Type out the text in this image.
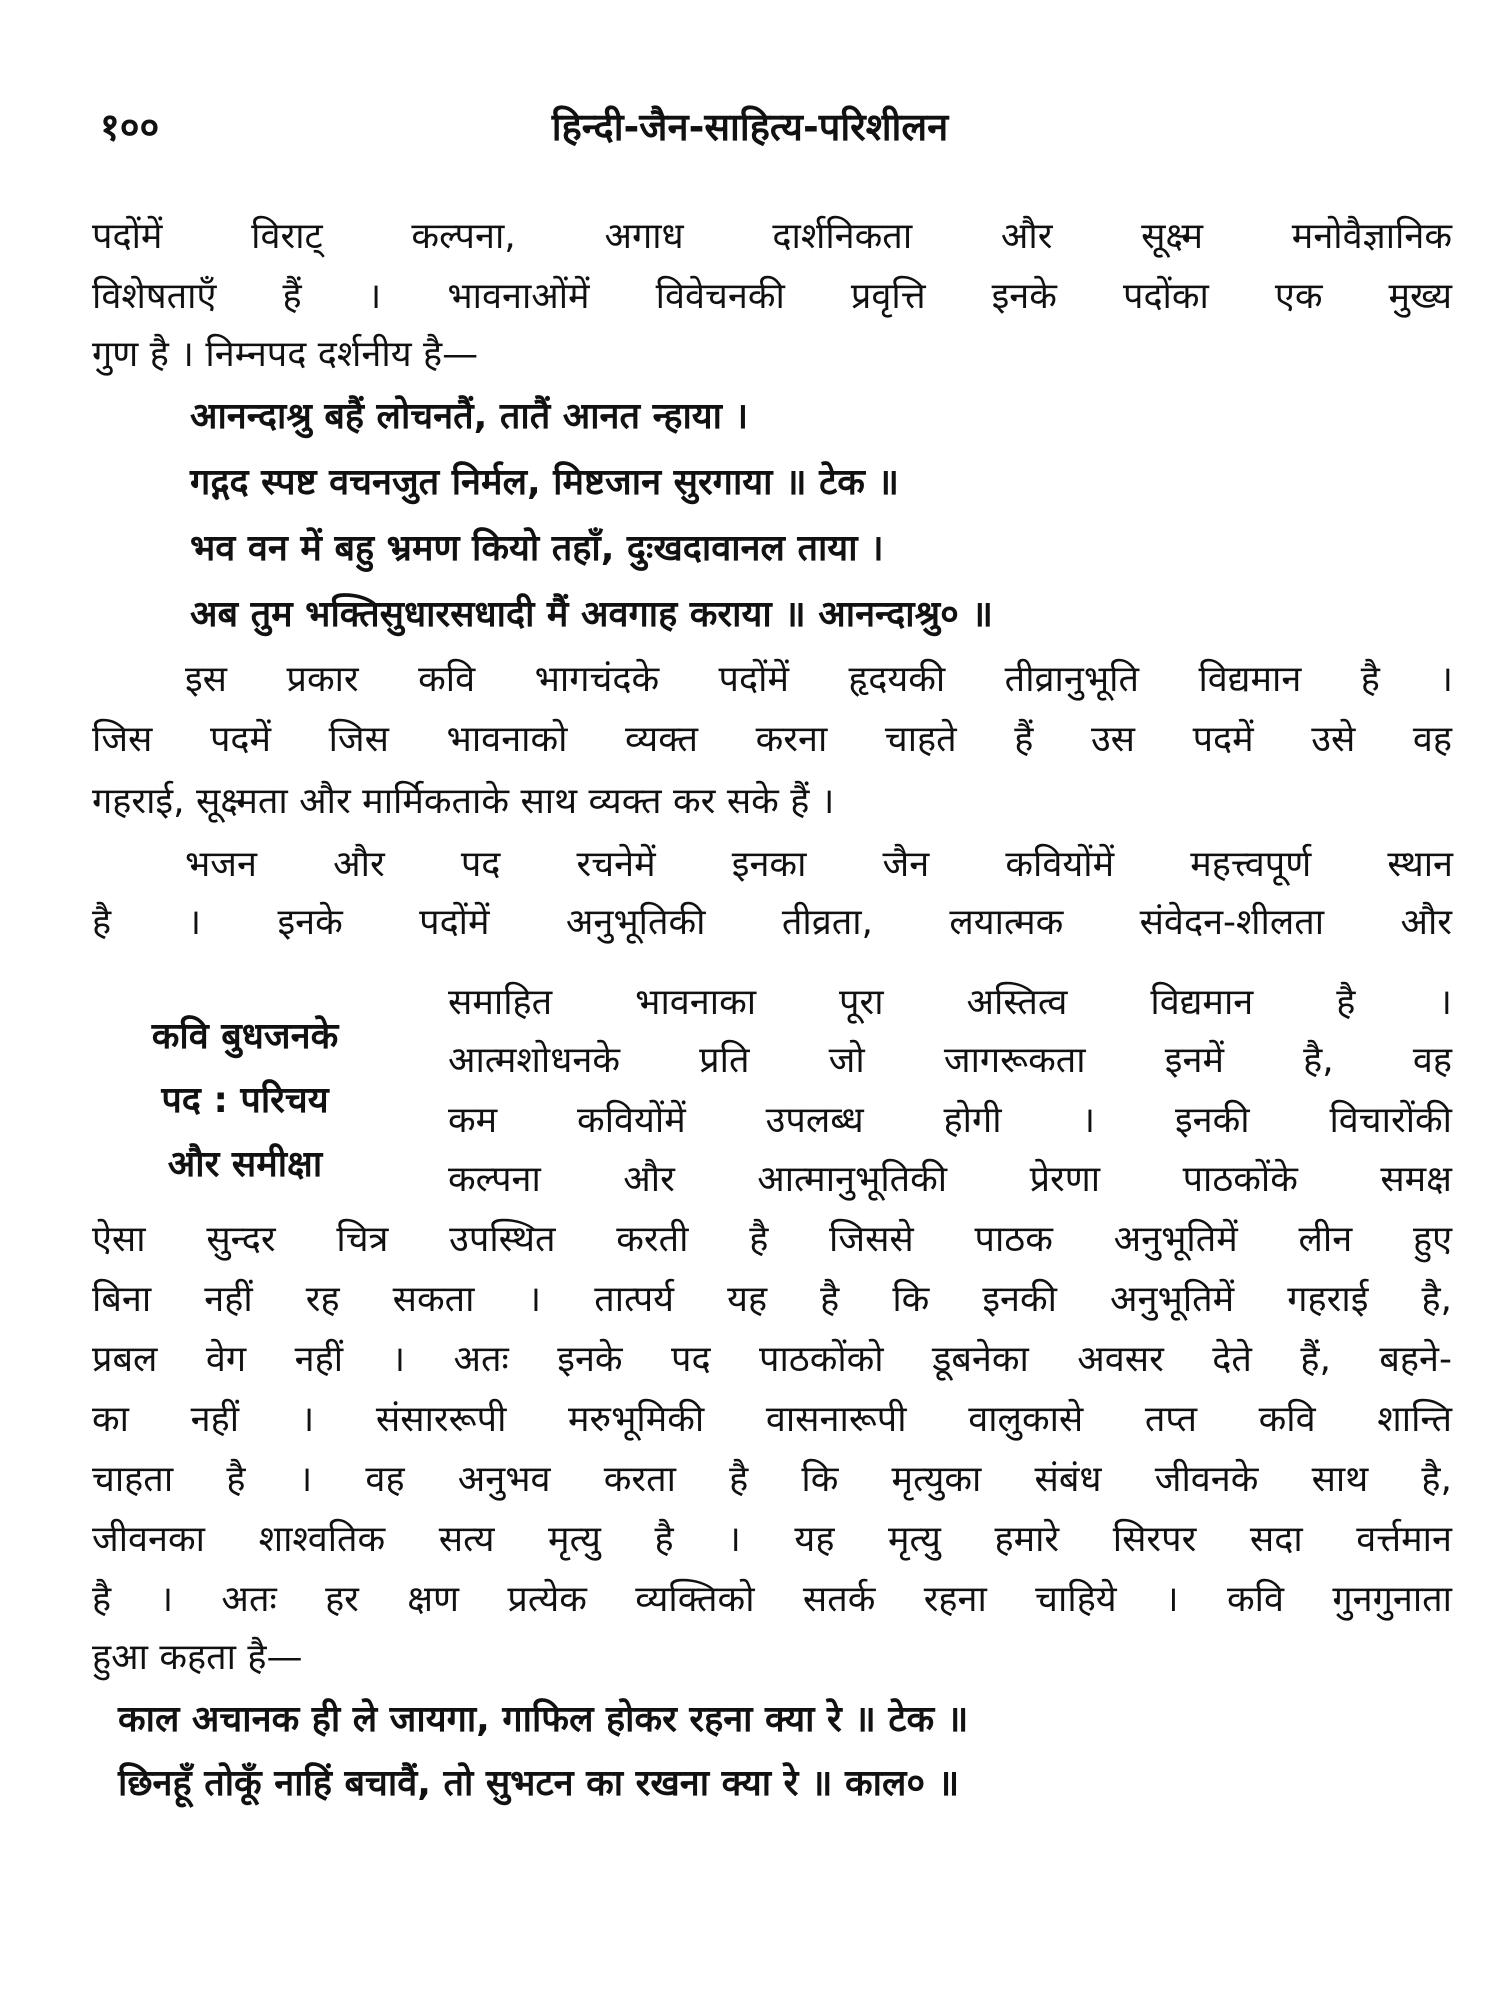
१००	हिन्दी-जैन-साहित्य-परिशीलन
पदोंमें विराट् कल्पना, अगाध दार्शनिकता और सूक्ष्म मनोवैज्ञानिक
विशेषताएँ हैं । भावनाओंमें विवेचनकी प्रवृत्ति इनके पदोंका एक मुख्य
गुण है । निम्नपद दर्शनीय है—
आनन्दाश्रु बहैं लोचनतैं, तातैं आनत न्हाया ।
गद्गद स्पष्ट वचनजुत निर्मल, मिष्टजान सुरगाया ॥ टेक ॥
भव वन में बहु भ्रमण कियो तहाँ, दुःखदावानल ताया ।
अब तुम भक्तिसुधारसधादी मैं अवगाह कराया ॥ आनन्दाश्रु० ॥
इस प्रकार कवि भागचंदके पदोंमें हृदयकी तीव्रानुभूति विद्यमान है ।
जिस पदमें जिस भावनाको व्यक्त करना चाहते हैं उस पदमें उसे वह
गहराई, सूक्ष्मता और मार्मिकताके साथ व्यक्त कर सके हैं ।
भजन और पद रचनेमें इनका जैन कवियोंमें महत्त्वपूर्ण स्थान
है । इनके पदोंमें अनुभूतिकी तीव्रता, लयात्मक संवेदन-शीलता और
कवि बुधजनके
पद : परिचय
और समीक्षा
समाहित भावनाका पूरा अस्तित्व विद्यमान है ।
आत्मशोधनके प्रति जो जागरूकता इनमें है, वह
कम कवियोंमें उपलब्ध होगी । इनकी विचारोंकी
कल्पना और आत्मानुभूतिकी प्रेरणा पाठकोंके समक्ष
ऐसा सुन्दर चित्र उपस्थित करती है जिससे पाठक अनुभूतिमें लीन हुए
बिना नहीं रह सकता । तात्पर्य यह है कि इनकी अनुभूतिमें गहराई है,
प्रबल वेग नहीं । अतः इनके पद पाठकोंको डूबनेका अवसर देते हैं, बहने-
का नहीं । संसाररूपी मरुभूमिकी वासनारूपी वालुकासे तप्त कवि शान्ति
चाहता है । वह अनुभव करता है कि मृत्युका संबंध जीवनके साथ है,
जीवनका शाश्वतिक सत्य मृत्यु है । यह मृत्यु हमारे सिरपर सदा वर्त्तमान
है । अतः हर क्षण प्रत्येक व्यक्तिको सतर्क रहना चाहिये । कवि गुनगुनाता
हुआ कहता है—
काल अचानक ही ले जायगा, गाफिल होकर रहना क्या रे ॥ टेक ॥
छिनहूँ तोकूँ नाहिं बचावैं, तो सुभटन का रखना क्या रे ॥ काल० ॥
